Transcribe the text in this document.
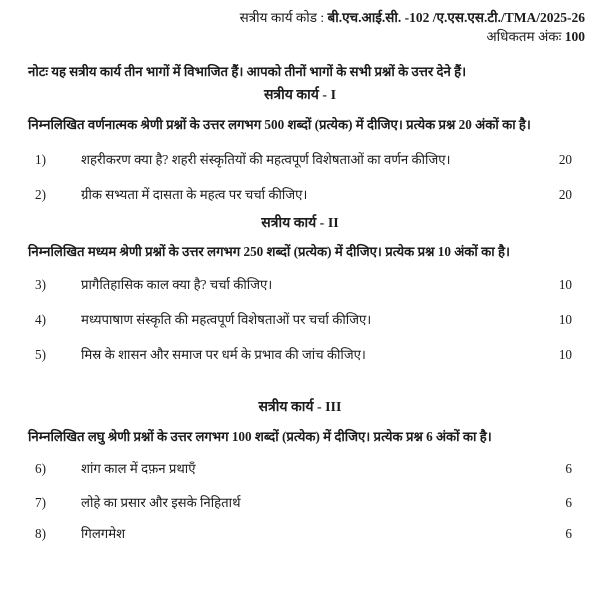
सत्रीय कार्य कोड : बी.एच.आई.सी. -102 /ए.एस.एस.टी./TMA/2025-26
अधिकतम अंकः 100

नोटः यह सत्रीय कार्य तीन भागों में विभाजित हैं। आपको तीनों भागों के सभी प्रश्नों के उत्तर देने हैं।

सत्रीय कार्य - I

निम्नलिखित वर्णनात्मक श्रेणी प्रश्नों के उत्तर लगभग 500 शब्दों (प्रत्येक) में दीजिए। प्रत्येक प्रश्न 20 अंकों का है।

1)	शहरीकरण क्या है? शहरी संस्कृतियों की महत्वपूर्ण विशेषताओं का वर्णन कीजिए।	20
2)	ग्रीक सभ्यता में दासता के महत्व पर चर्चा कीजिए।	20
सत्रीय कार्य - II

निम्नलिखित मध्यम श्रेणी प्रश्नों के उत्तर लगभग 250 शब्दों (प्रत्येक) में दीजिए। प्रत्येक प्रश्न 10 अंकों का है।

3)	प्रागैतिहासिक काल क्या है? चर्चा कीजिए।	10
4)	मध्यपाषाण संस्कृति की महत्वपूर्ण विशेषताओं पर चर्चा कीजिए।	10
5)	मिस्र के शासन और समाज पर धर्म के प्रभाव की जांच कीजिए।	10
सत्रीय कार्य - III

निम्नलिखित लघु श्रेणी प्रश्नों के उत्तर लगभग 100 शब्दों (प्रत्येक) में दीजिए। प्रत्येक प्रश्न 6 अंकों का है।

6)	शांग काल में दफ़न प्रथाएँ	6
7)	लोहे का प्रसार और इसके निहितार्थ	6
8)	गिलगमेश	6
